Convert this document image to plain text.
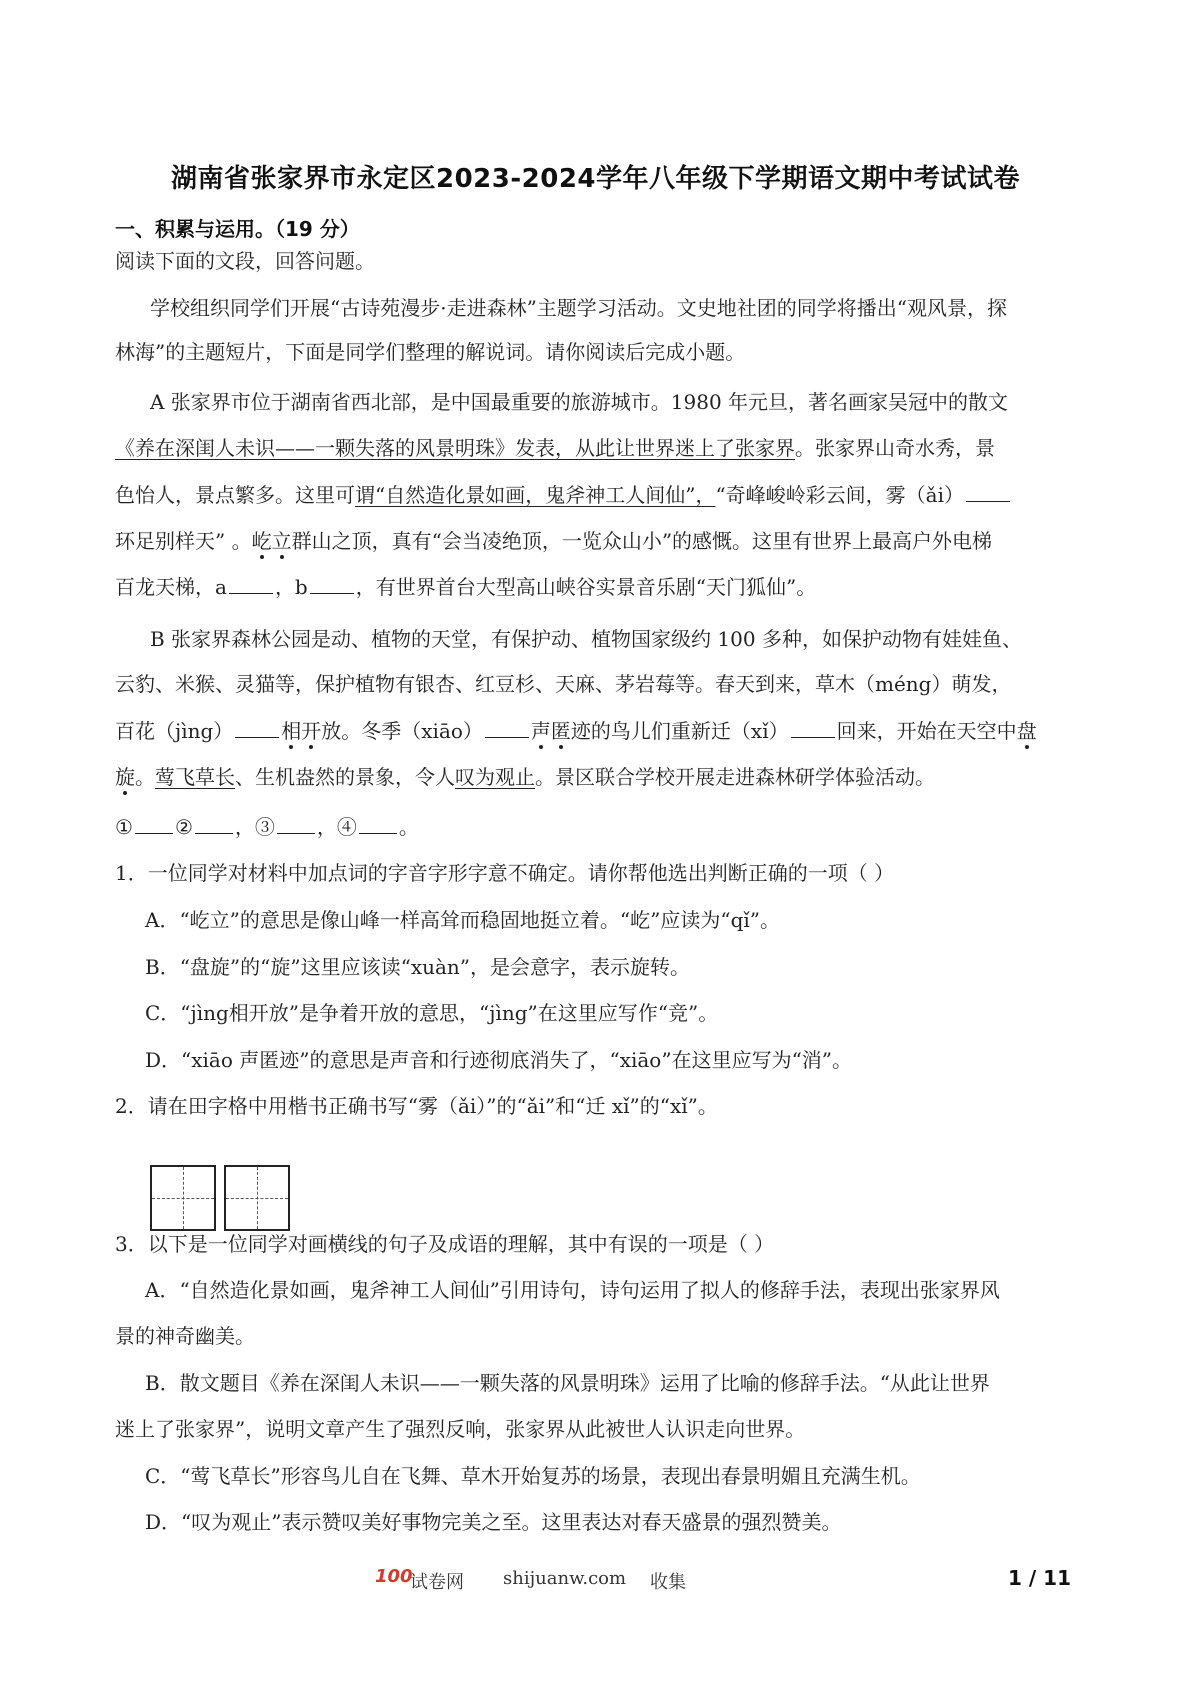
湖南省张家界市永定区2023-2024学年八年级下学期语文期中考试试卷
一、积累与运用。（19 分）
阅读下面的文段，回答问题。
学校组织同学们开展“古诗苑漫步·走进森林”主题学习活动。文史地社团的同学将播出“观风景，探
林海”的主题短片，下面是同学们整理的解说词。请你阅读后完成小题。
A 张家界市位于湖南省西北部，是中国最重要的旅游城市。1980 年元旦，著名画家吴冠中的散文
《养在深闺人未识——一颗失落的风景明珠》发表，从此让世界迷上了张家界。张家界山奇水秀，景
色怡人，景点繁多。这里可谓“自然造化景如画，鬼斧神工人间仙”，“奇峰峻岭彩云间，雾（ǎi）
环足别样天” 。屹立群山之顶，真有“会当凌绝顶，一览众山小”的感慨。这里有世界上最高户外电梯
百龙天梯，a ，b ，有世界首台大型高山峡谷实景音乐剧“天门狐仙”。
B 张家界森林公园是动、植物的天堂，有保护动、植物国家级约 100 多种，如保护动物有娃娃鱼、
云豹、米猴、灵猫等，保护植物有银杏、红豆杉、天麻、茅岩莓等。春天到来，草木（méng）萌发，
百花（jìng） 相开放。冬季（xiāo） 声匿迹的鸟儿们重新迁（xǐ） 回来，开始在天空中盘
旋。莺飞草长、生机盎然的景象，令人叹为观止。景区联合学校开展走进森林研学体验活动。
① ② ，③ ，④ 。
1．一位同学对材料中加点词的字音字形字意不确定。请你帮他选出判断正确的一项（ ）
A．“屹立”的意思是像山峰一样高耸而稳固地挺立着。“屹”应读为“qǐ”。
B．“盘旋”的“旋”这里应该读“xuàn”，是会意字，表示旋转。
C．“jìng相开放”是争着开放的意思，“jìng”在这里应写作“竞”。
D．“xiāo 声匿迹”的意思是声音和行迹彻底消失了，“xiāo”在这里应写为“消”。
2．请在田字格中用楷书正确书写“雾（ǎi）”的“ǎi”和“迁 xǐ”的“xǐ”。
3．以下是一位同学对画横线的句子及成语的理解，其中有误的一项是（ ）
A．“自然造化景如画，鬼斧神工人间仙”引用诗句，诗句运用了拟人的修辞手法，表现出张家界风
景的神奇幽美。
B．散文题目《养在深闺人未识——一颗失落的风景明珠》运用了比喻的修辞手法。“从此让世界
迷上了张家界”，说明文章产生了强烈反响，张家界从此被世人认识走向世界。
C．“莺飞草长”形容鸟儿自在飞舞、草木开始复苏的场景，表现出春景明媚且充满生机。
D．“叹为观止”表示赞叹美好事物完美之至。这里表达对春天盛景的强烈赞美。
100
试卷网 shijuanw.com 收集	1 / 11
